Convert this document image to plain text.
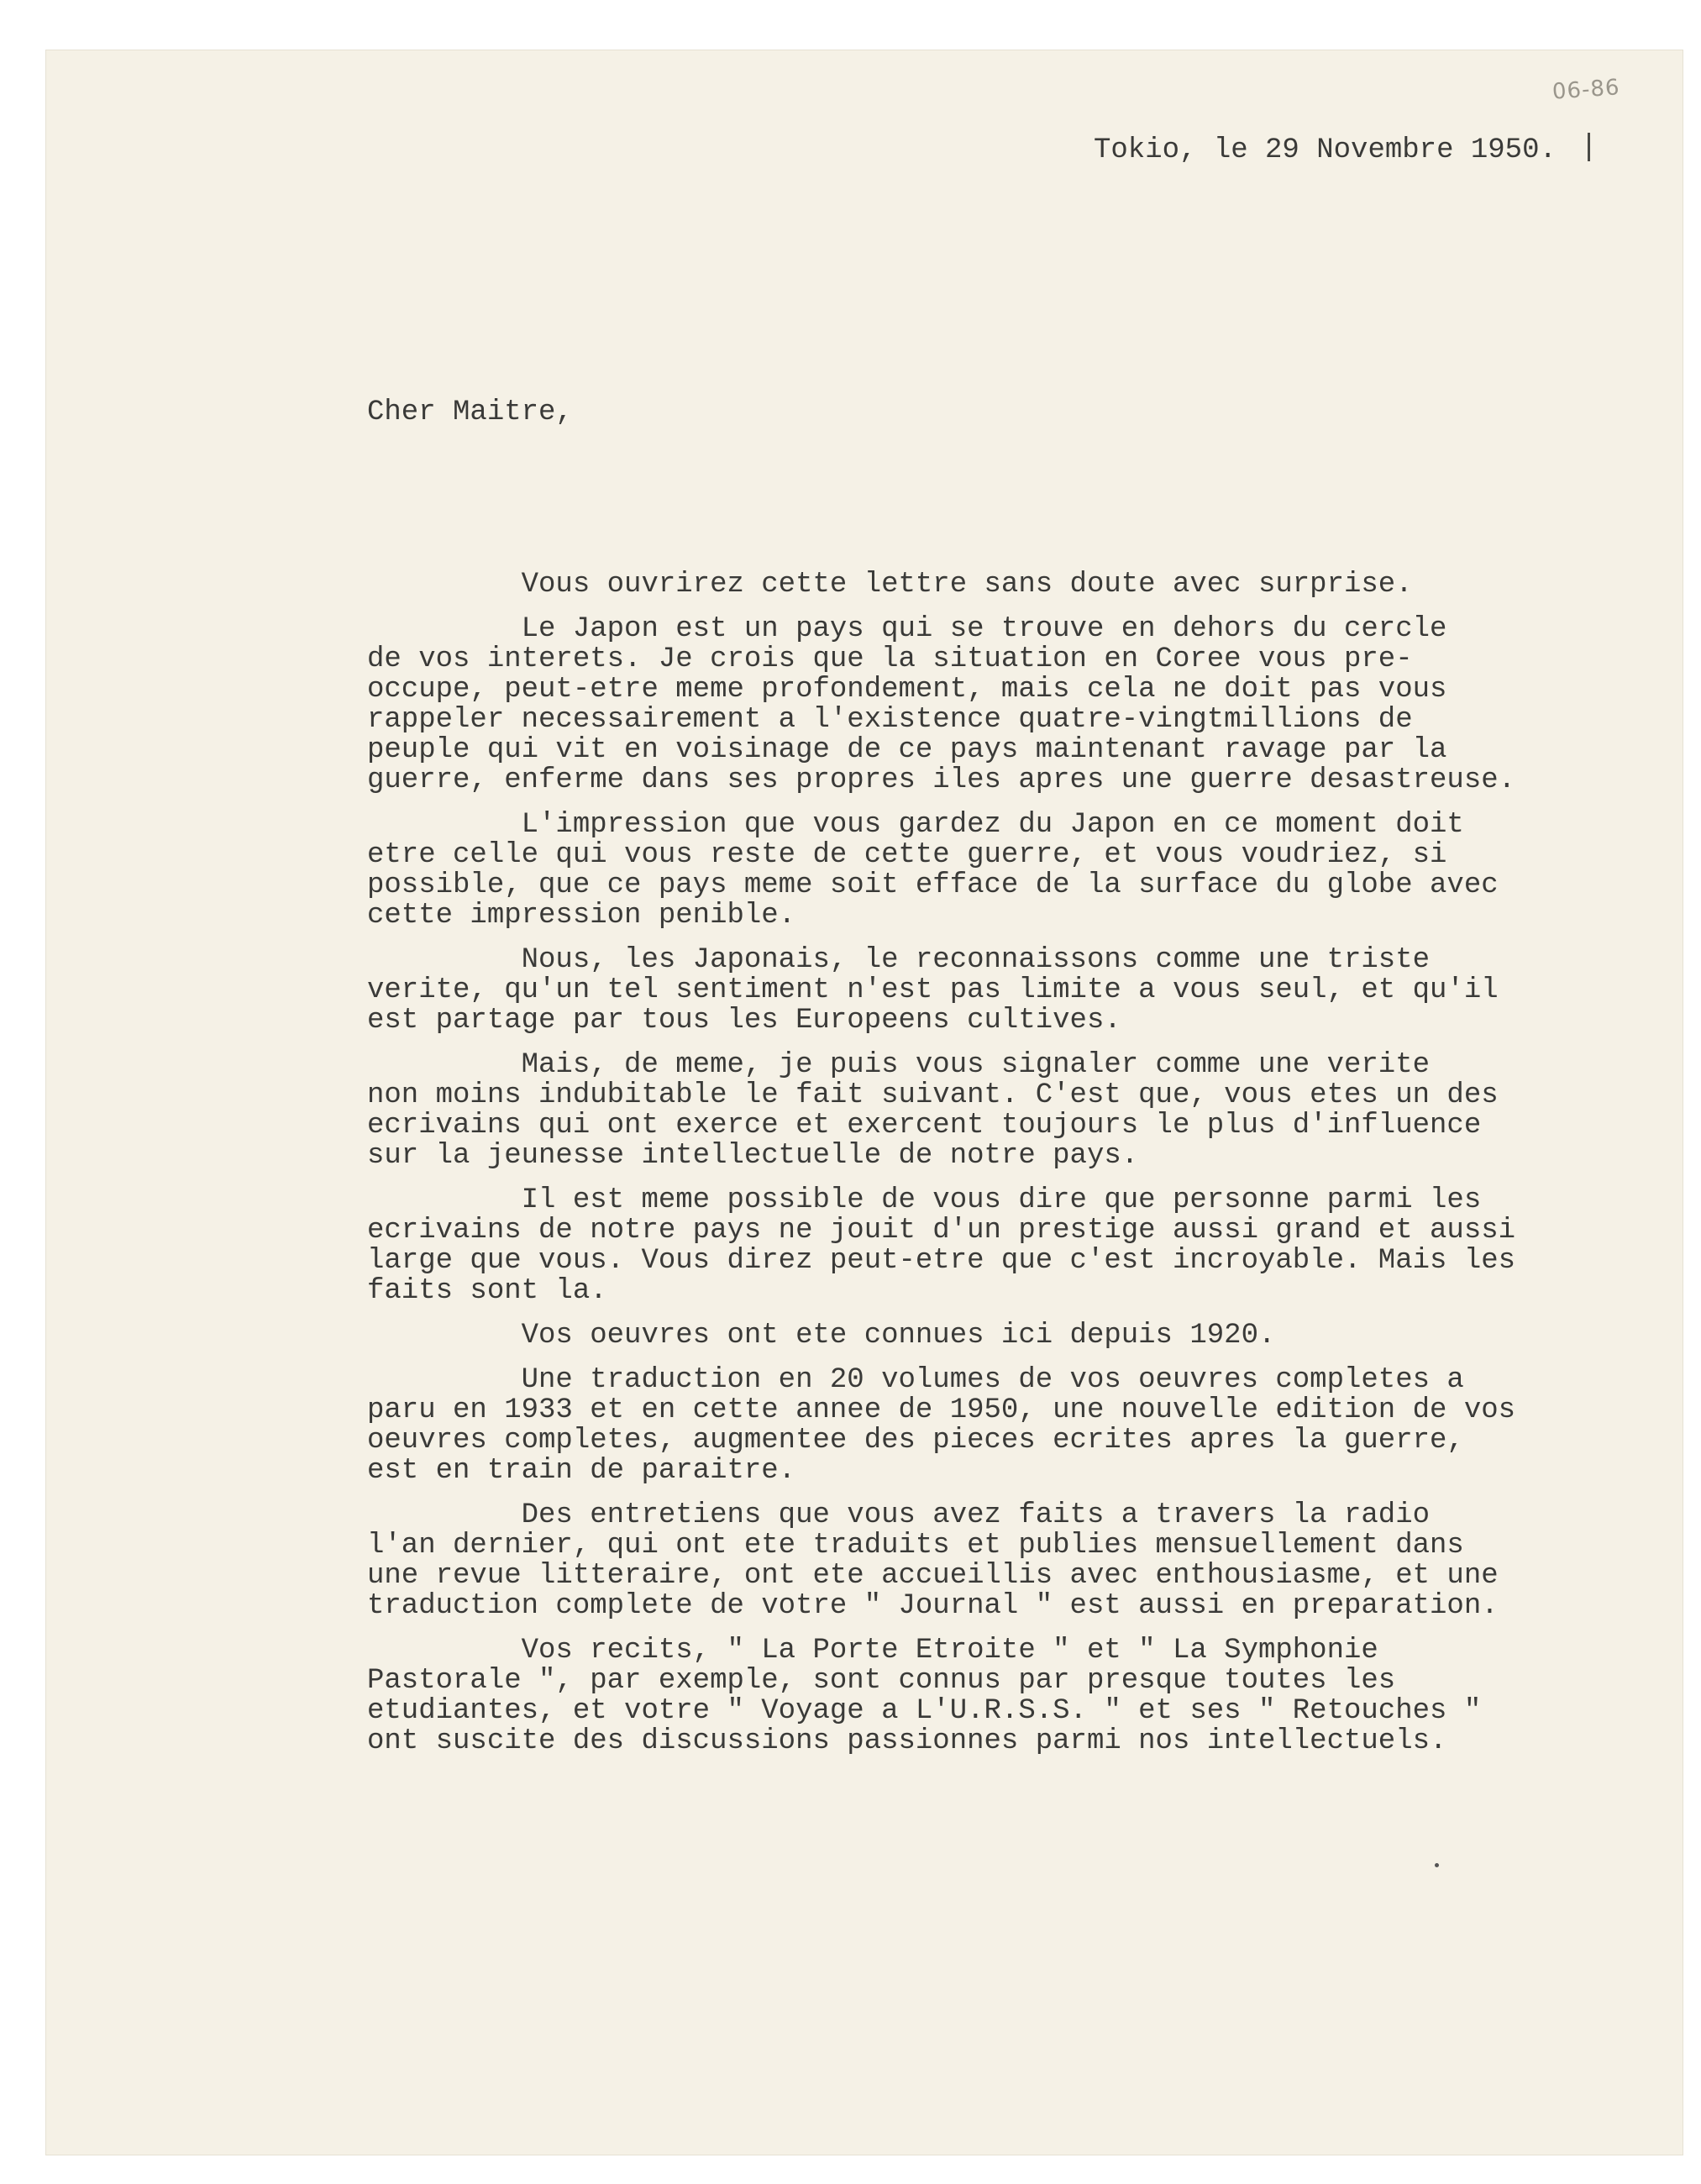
06-86
Tokio, le 29 Novembre 1950.
Cher Maitre,
Vous ouvrirez cette lettre sans doute avec surprise.
Le Japon est un pays qui se trouve en dehors du cercle
de vos interets. Je crois que la situation en Coree vous pre-
occupe, peut-etre meme profondement, mais cela ne doit pas vous
rappeler necessairement a l'existence quatre-vingtmillions de
peuple qui vit en voisinage de ce pays maintenant ravage par la
guerre, enferme dans ses propres iles apres une guerre desastreuse.
L'impression que vous gardez du Japon en ce moment doit
etre celle qui vous reste de cette guerre, et vous voudriez, si
possible, que ce pays meme soit efface de la surface du globe avec
cette impression penible.
Nous, les Japonais, le reconnaissons comme une triste
verite, qu'un tel sentiment n'est pas limite a vous seul, et qu'il
est partage par tous les Europeens cultives.
Mais, de meme, je puis vous signaler comme une verite
non moins indubitable le fait suivant. C'est que, vous etes un des
ecrivains qui ont exerce et exercent toujours le plus d'influence
sur la jeunesse intellectuelle de notre pays.
Il est meme possible de vous dire que personne parmi les
ecrivains de notre pays ne jouit d'un prestige aussi grand et aussi
large que vous. Vous direz peut-etre que c'est incroyable. Mais les
faits sont la.
Vos oeuvres ont ete connues ici depuis 1920.
Une traduction en 20 volumes de vos oeuvres completes a
paru en 1933 et en cette annee de 1950, une nouvelle edition de vos
oeuvres completes, augmentee des pieces ecrites apres la guerre,
est en train de paraitre.
Des entretiens que vous avez faits a travers la radio
l'an dernier, qui ont ete traduits et publies mensuellement dans
une revue litteraire, ont ete accueillis avec enthousiasme, et une
traduction complete de votre " Journal " est aussi en preparation.
Vos recits, " La Porte Etroite " et " La Symphonie
Pastorale ", par exemple, sont connus par presque toutes les
etudiantes, et votre " Voyage a L'U.R.S.S. " et ses " Retouches "
ont suscite des discussions passionnes parmi nos intellectuels.
